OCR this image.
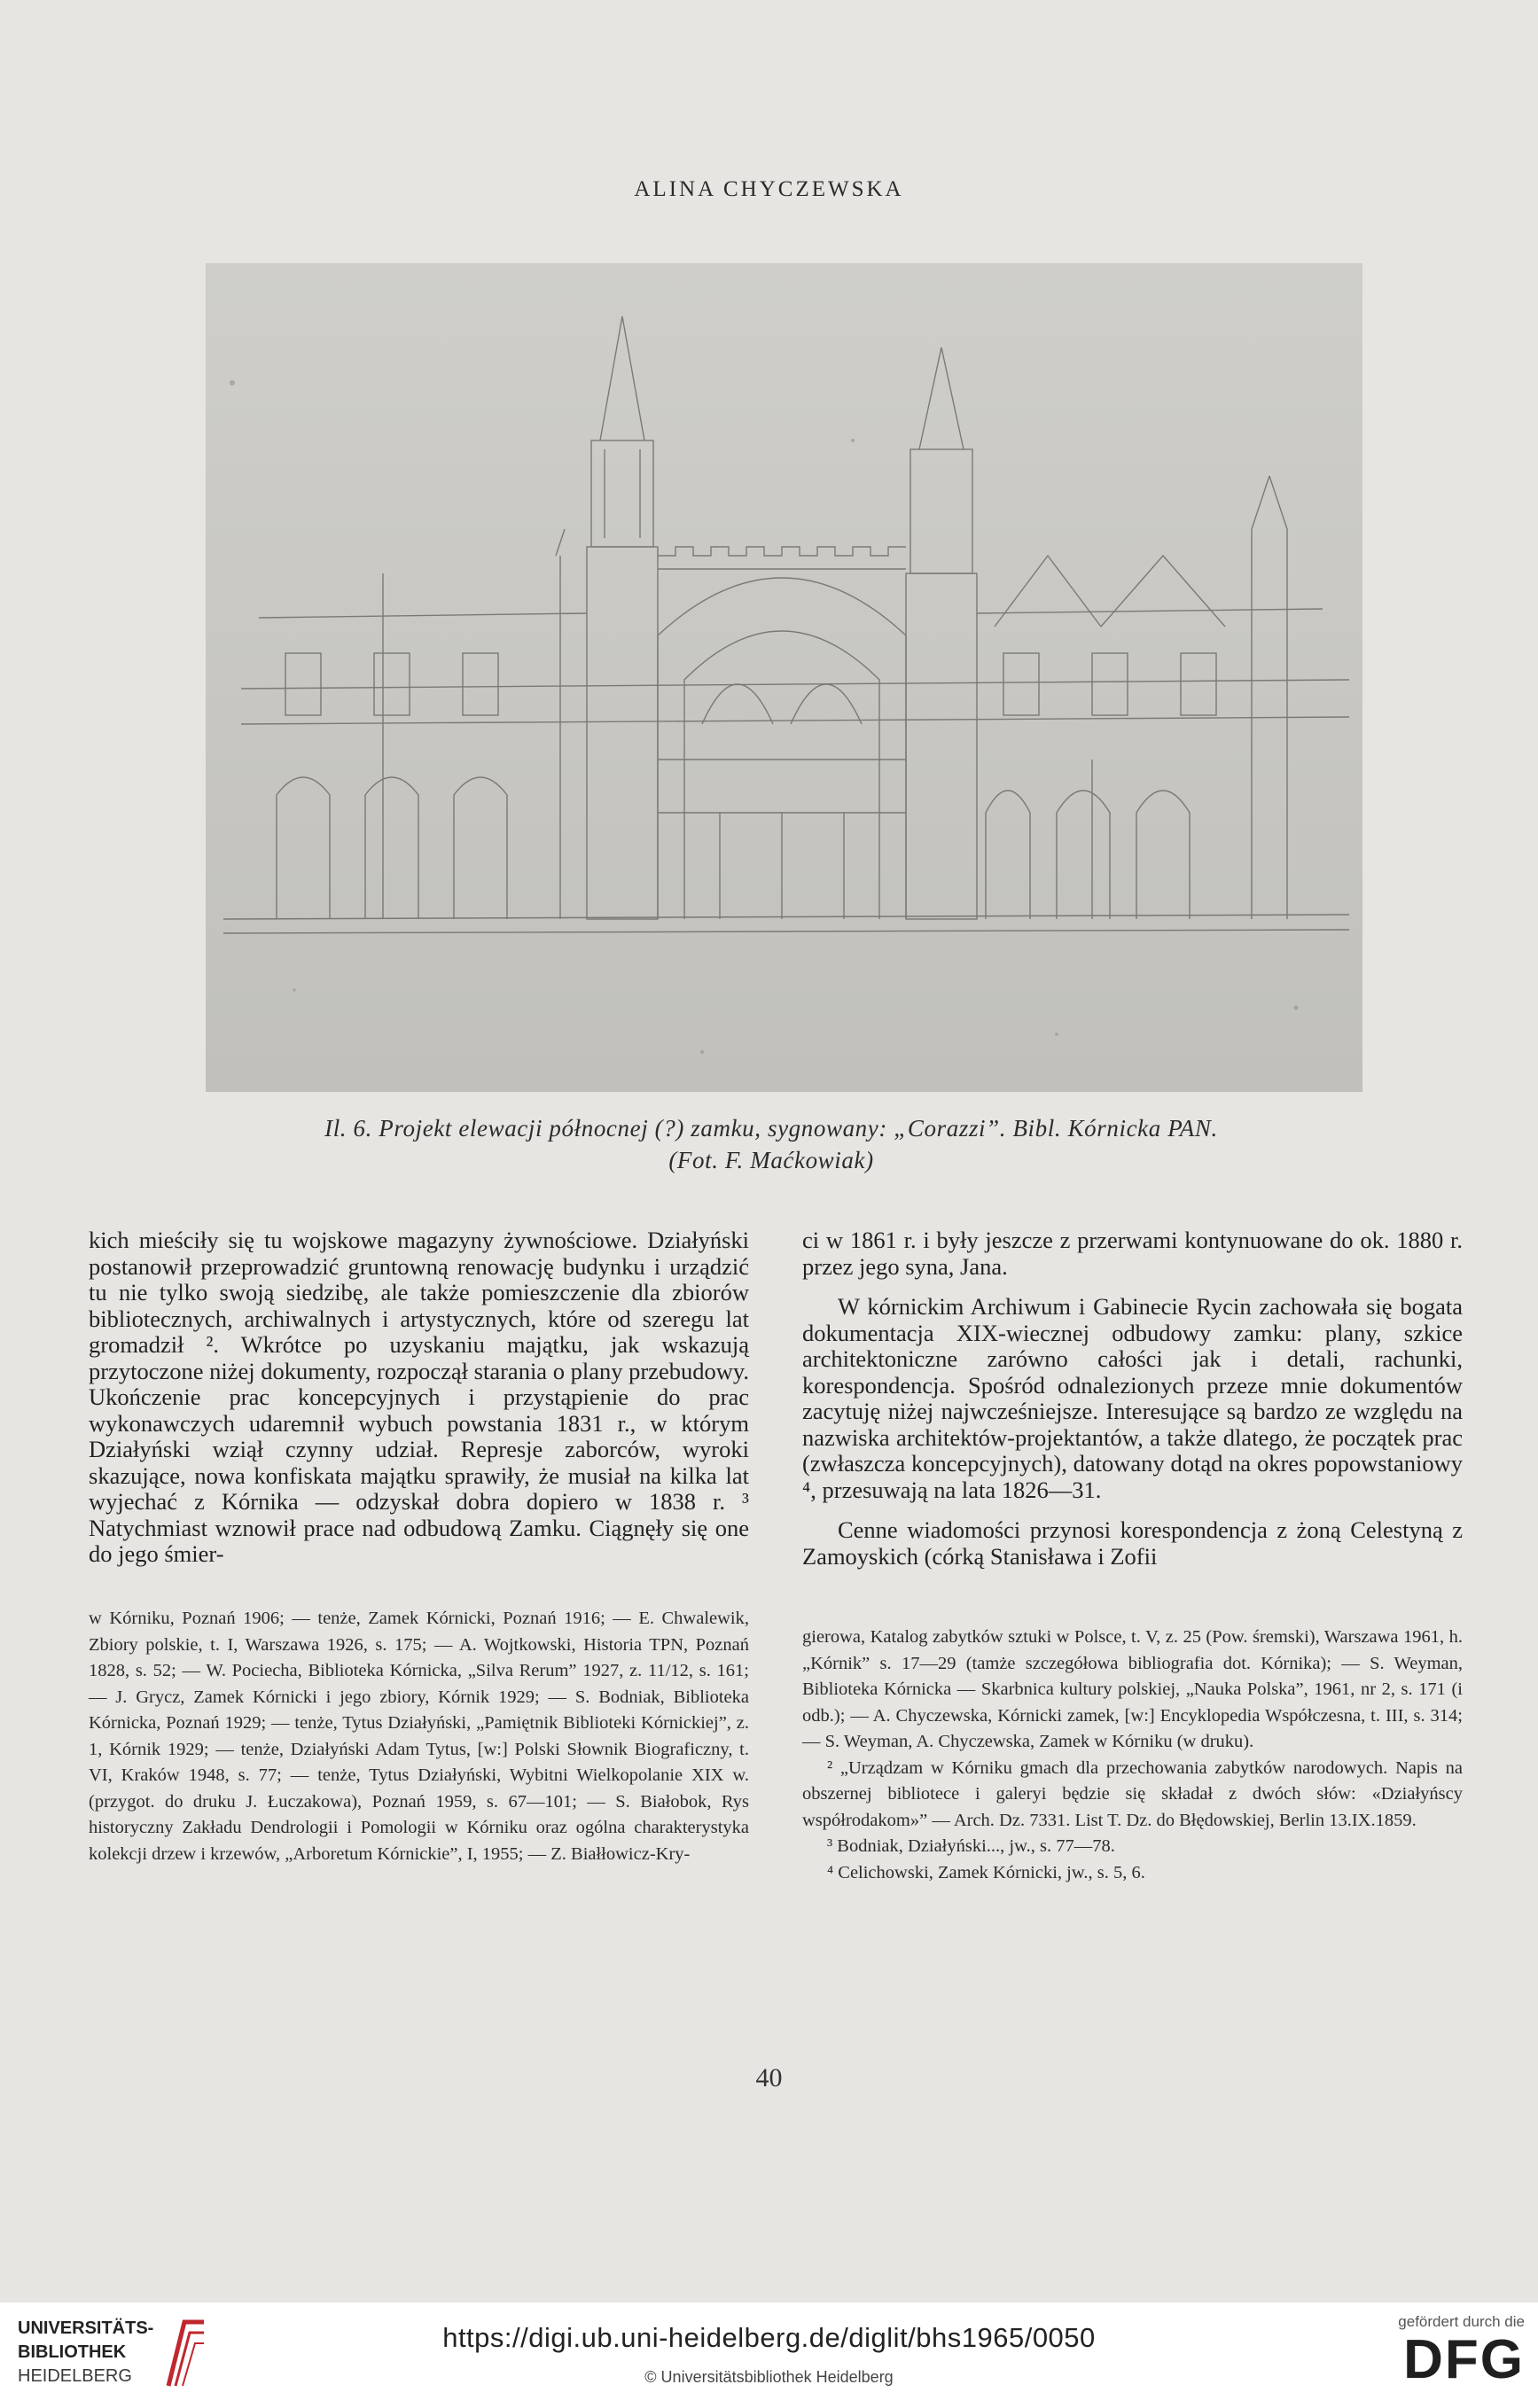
ALINA CHYCZEWSKA
Il. 6. Projekt elewacji północnej (?) zamku, sygnowany: „Corazzi”. Bibl. Kórnicka PAN.
(Fot. F. Maćkowiak)

kich mieściły się tu wojskowe magazyny żywnościowe. Działyński postanowił przeprowadzić gruntowną renowację budynku i urządzić tu nie tylko swoją siedzibę, ale także pomieszczenie dla zbiorów bibliotecznych, archiwalnych i artystycznych, które od szeregu lat gromadził ². Wkrótce po uzyskaniu majątku, jak wskazują przytoczone niżej dokumenty, rozpoczął starania o plany przebudowy. Ukończenie prac koncepcyjnych i przystąpienie do prac wykonawczych udaremnił wybuch powstania 1831 r., w którym Działyński wziął czynny udział. Represje zaborców, wyroki skazujące, nowa konfiskata majątku sprawiły, że musiał na kilka lat wyjechać z Kórnika — odzyskał dobra dopiero w 1838 r. ³ Natychmiast wznowił prace nad odbudową Zamku. Ciągnęły się one do jego śmier-

ci w 1861 r. i były jeszcze z przerwami kontynuowane do ok. 1880 r. przez jego syna, Jana.

W kórnickim Archiwum i Gabinecie Rycin zachowała się bogata dokumentacja XIX-wiecznej odbudowy zamku: plany, szkice architektoniczne zarówno całości jak i detali, rachunki, korespondencja. Spośród odnalezionych przeze mnie dokumentów zacytuję niżej najwcześniejsze. Interesujące są bardzo ze względu na nazwiska architektów-projektantów, a także dlatego, że początek prac (zwłaszcza koncepcyjnych), datowany dotąd na okres popowstaniowy ⁴, przesuwają na lata 1826—31.

Cenne wiadomości przynosi korespondencja z żoną Celestyną z Zamoyskich (córką Stanisława i Zofii

w Kórniku, Poznań 1906; — tenże, Zamek Kórnicki, Poznań 1916; — E. Chwalewik, Zbiory polskie, t. I, Warszawa 1926, s. 175; — A. Wojtkowski, Historia TPN, Poznań 1828, s. 52; — W. Pociecha, Biblioteka Kórnicka, „Silva Rerum” 1927, z. 11/12, s. 161; — J. Grycz, Zamek Kórnicki i jego zbiory, Kórnik 1929; — S. Bodniak, Biblioteka Kórnicka, Poznań 1929; — tenże, Tytus Działyński, „Pamiętnik Biblioteki Kórnickiej”, z. 1, Kórnik 1929; — tenże, Działyński Adam Tytus, [w:] Polski Słownik Biograficzny, t. VI, Kraków 1948, s. 77; — tenże, Tytus Działyński, Wybitni Wielkopolanie XIX w. (przygot. do druku J. Łuczakowa), Poznań 1959, s. 67—101; — S. Białobok, Rys historyczny Zakładu Dendrologii i Pomologii w Kórniku oraz ogólna charakterystyka kolekcji drzew i krzewów, „Arboretum Kórnickie”, I, 1955; — Z. Białłowicz-Kry-

gierowa, Katalog zabytków sztuki w Polsce, t. V, z. 25 (Pow. śremski), Warszawa 1961, h. „Kórnik” s. 17—29 (tamże szczegółowa bibliografia dot. Kórnika); — S. Weyman, Biblioteka Kórnicka — Skarbnica kultury polskiej, „Nauka Polska”, 1961, nr 2, s. 171 (i odb.); — A. Chyczewska, Kórnicki zamek, [w:] Encyklopedia Współczesna, t. III, s. 314; — S. Weyman, A. Chyczewska, Zamek w Kórniku (w druku).

² „Urządzam w Kórniku gmach dla przechowania zabytków narodowych. Napis na obszernej bibliotece i galeryi będzie się składał z dwóch słów: «Działyńscy współrodakom»” — Arch. Dz. 7331. List T. Dz. do Błędowskiej, Berlin 13.IX.1859.

³ Bodniak, Działyński..., jw., s. 77—78.

⁴ Celichowski, Zamek Kórnicki, jw., s. 5, 6.

40
UNIVERSITÄTS-
BIBLIOTHEK
HEIDELBERG
https://digi.ub.uni-heidelberg.de/diglit/bhs1965/0050
© Universitätsbibliothek Heidelberg
gefördert durch die
DFG
